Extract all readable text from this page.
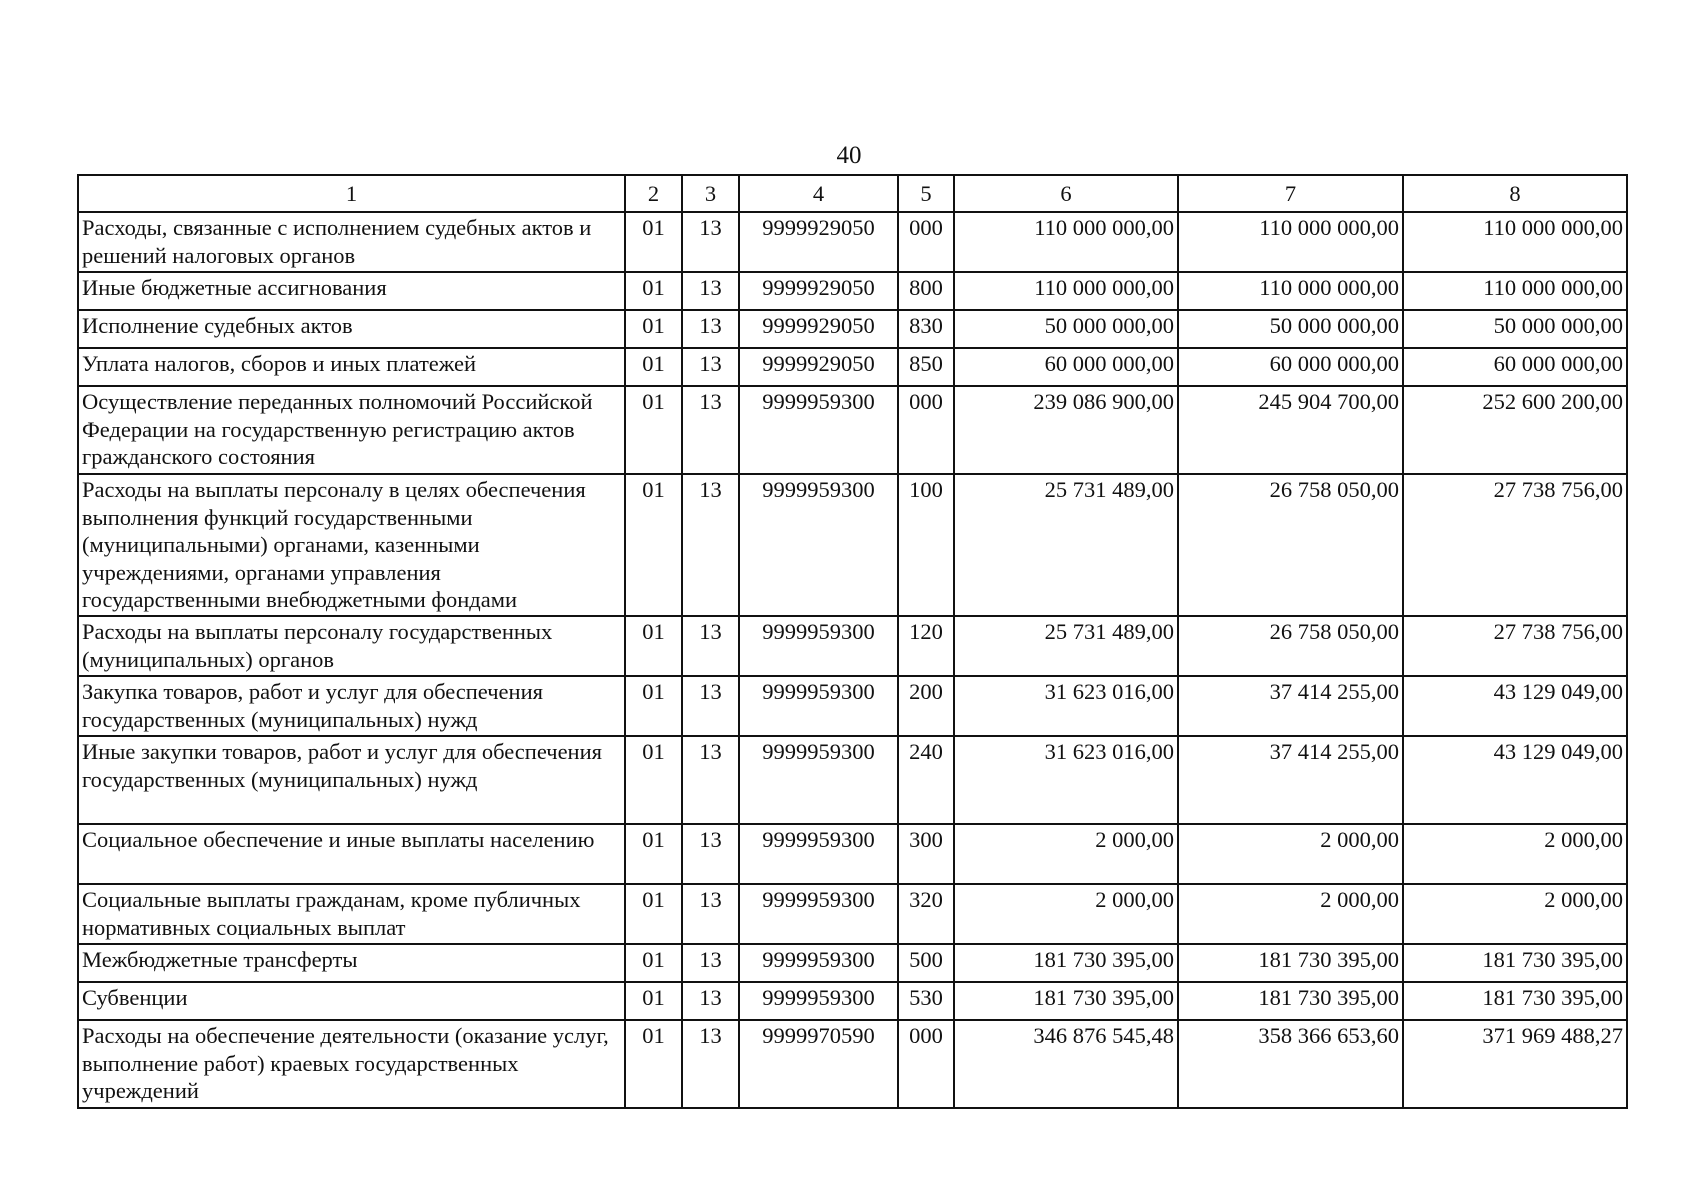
40
1	2	3	4	5	6	7	8
Расходы, связанные с исполнением судебных актов и решений налоговых органов	01	13	9999929050	000	110 000 000,00	110 000 000,00	110 000 000,00
Иные бюджетные ассигнования	01	13	9999929050	800	110 000 000,00	110 000 000,00	110 000 000,00
Исполнение судебных актов	01	13	9999929050	830	50 000 000,00	50 000 000,00	50 000 000,00
Уплата налогов, сборов и иных платежей	01	13	9999929050	850	60 000 000,00	60 000 000,00	60 000 000,00
Осуществление переданных полномочий Российской Федерации на государственную регистрацию актов гражданского состояния	01	13	9999959300	000	239 086 900,00	245 904 700,00	252 600 200,00
Расходы на выплаты персоналу в целях обеспечения выполнения функций государственными (муниципальными) органами, казенными учреждениями, органами управления государственными внебюджетными фондами	01	13	9999959300	100	25 731 489,00	26 758 050,00	27 738 756,00
Расходы на выплаты персоналу государственных (муниципальных) органов	01	13	9999959300	120	25 731 489,00	26 758 050,00	27 738 756,00
Закупка товаров, работ и услуг для обеспечения государственных (муниципальных) нужд	01	13	9999959300	200	31 623 016,00	37 414 255,00	43 129 049,00
Иные закупки товаров, работ и услуг для обеспечения государственных (муниципальных) нужд	01	13	9999959300	240	31 623 016,00	37 414 255,00	43 129 049,00
Социальное обеспечение и иные выплаты населению	01	13	9999959300	300	2 000,00	2 000,00	2 000,00
Социальные выплаты гражданам, кроме публичных нормативных социальных выплат	01	13	9999959300	320	2 000,00	2 000,00	2 000,00
Межбюджетные трансферты	01	13	9999959300	500	181 730 395,00	181 730 395,00	181 730 395,00
Субвенции	01	13	9999959300	530	181 730 395,00	181 730 395,00	181 730 395,00
Расходы на обеспечение деятельности (оказание услуг, выполнение работ) краевых государственных учреждений	01	13	9999970590	000	346 876 545,48	358 366 653,60	371 969 488,27
